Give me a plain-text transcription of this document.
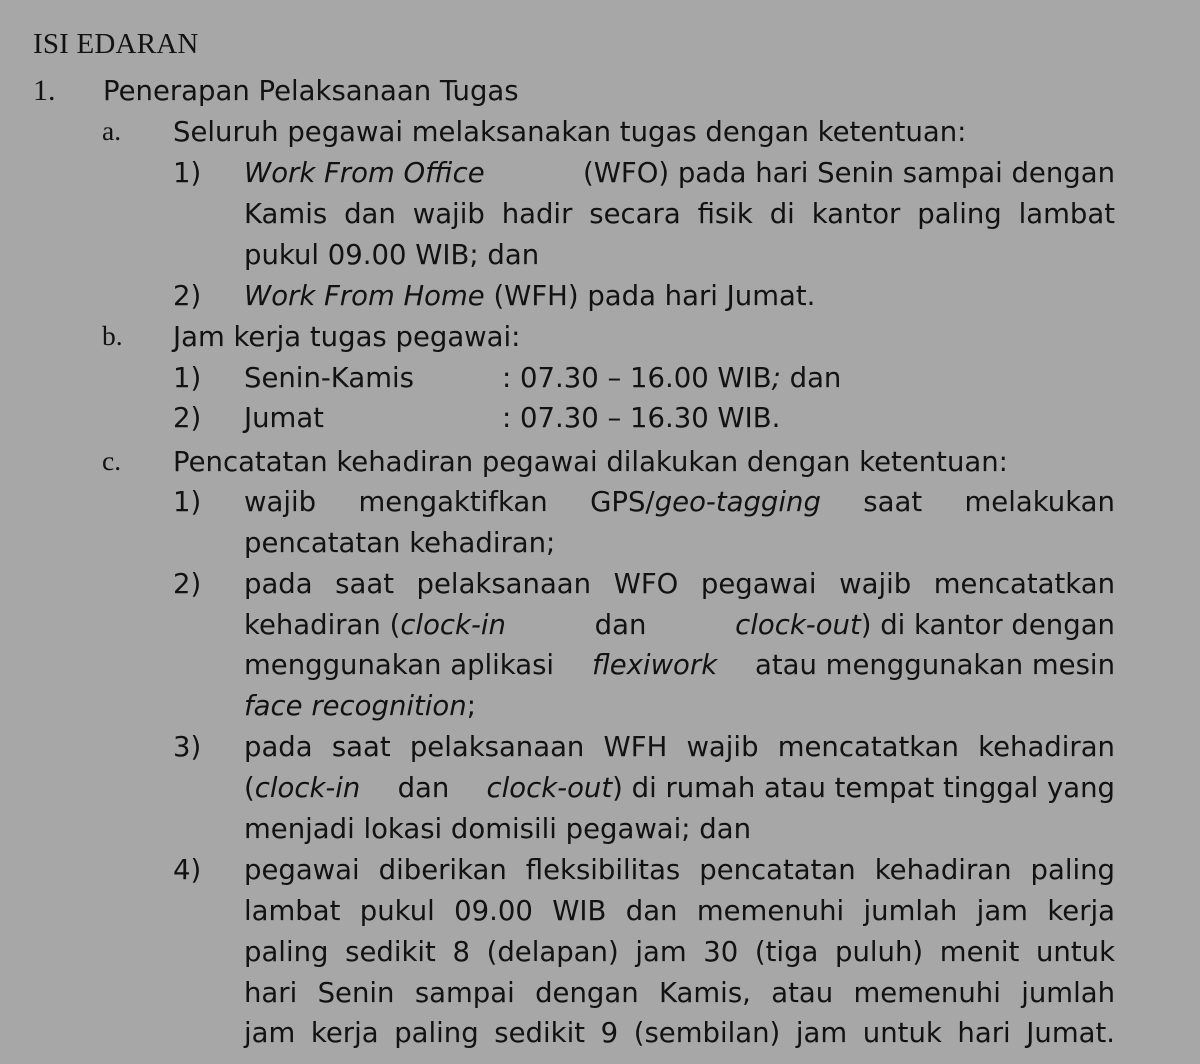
ISI EDARAN
1. Penerapan Pelaksanaan Tugas
a. Seluruh pegawai melaksanakan tugas dengan ketentuan:
1) Work From Office	(WFO) pada hari Senin sampai dengan
Kamis dan wajib hadir secara fisik di kantor paling lambat
pukul 09.00 WIB; dan
2) Work From Home (WFH) pada hari Jumat.
b. Jam kerja tugas pegawai:
1) Senin-Kamis	: 07.30 – 16.00 WIB; dan
2) Jumat	: 07.30 – 16.30 WIB.
c. Pencatatan kehadiran pegawai dilakukan dengan ketentuan:
1) wajib mengaktifkan GPS/geo-tagging saat melakukan
pencatatan kehadiran;
2) pada saat pelaksanaan WFO pegawai wajib mencatatkan
kehadiran (clock-in	dan	clock-out) di kantor dengan
menggunakan aplikasi flexiwork atau menggunakan mesin
face recognition;
3) pada saat pelaksanaan WFH wajib mencatatkan kehadiran
(clock-in dan clock-out) di rumah atau tempat tinggal yang
menjadi lokasi domisili pegawai; dan
4) pegawai diberikan fleksibilitas pencatatan kehadiran paling
lambat pukul 09.00 WIB dan memenuhi jumlah jam kerja
paling sedikit 8 (delapan) jam 30 (tiga puluh) menit untuk
hari Senin sampai dengan Kamis, atau memenuhi jumlah
jam kerja paling sedikit 9 (sembilan) jam untuk hari Jumat.
